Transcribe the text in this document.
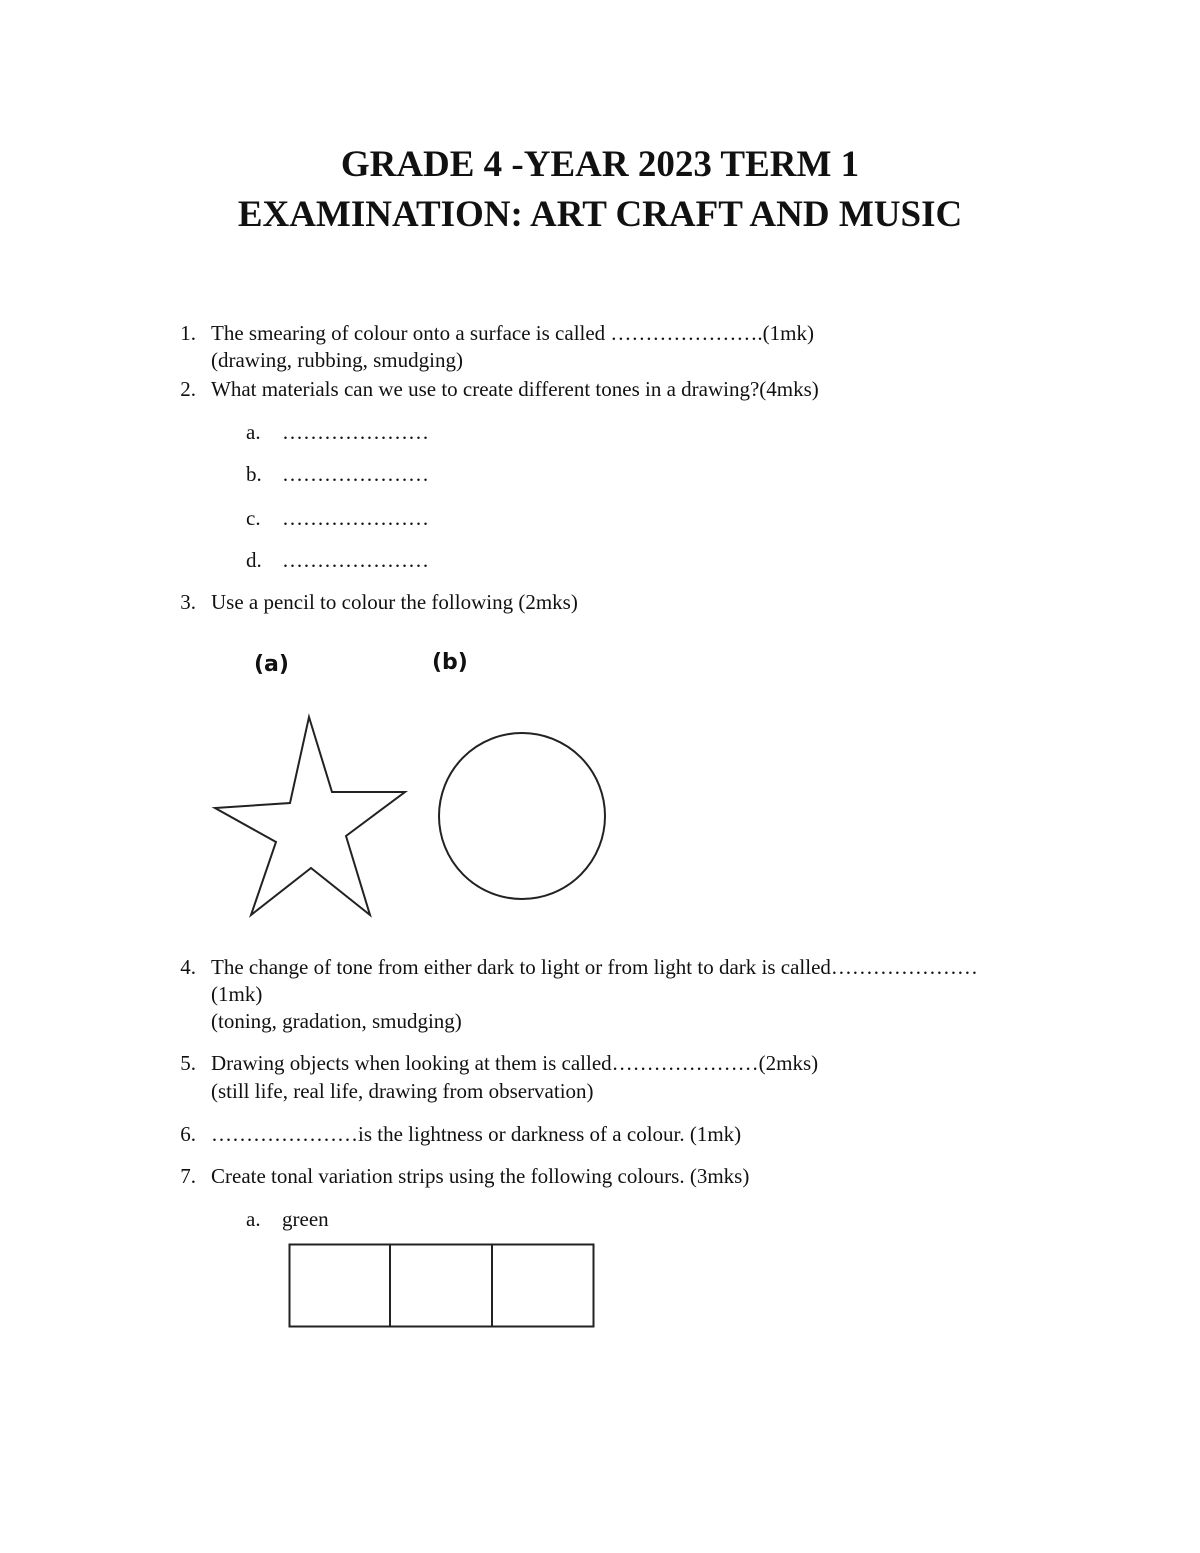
GRADE 4 -YEAR 2023 TERM 1
EXAMINATION: ART CRAFT AND MUSIC
1. The smearing of colour onto a surface is called ………………….(1mk)
(drawing, rubbing, smudging)
2. What materials can we use to create different tones in a drawing?(4mks)
a. …………………
b. …………………
c. …………………
d. …………………
3. Use a pencil to colour the following (2mks)
(a)	(b)
4. The change of tone from either dark to light or from light to dark is called…………………
(1mk)
(toning, gradation, smudging)
5. Drawing objects when looking at them is called…………………(2mks)
(still life, real life, drawing from observation)
6. …………………is the lightness or darkness of a colour. (1mk)
7. Create tonal variation strips using the following colours. (3mks)
a. green
